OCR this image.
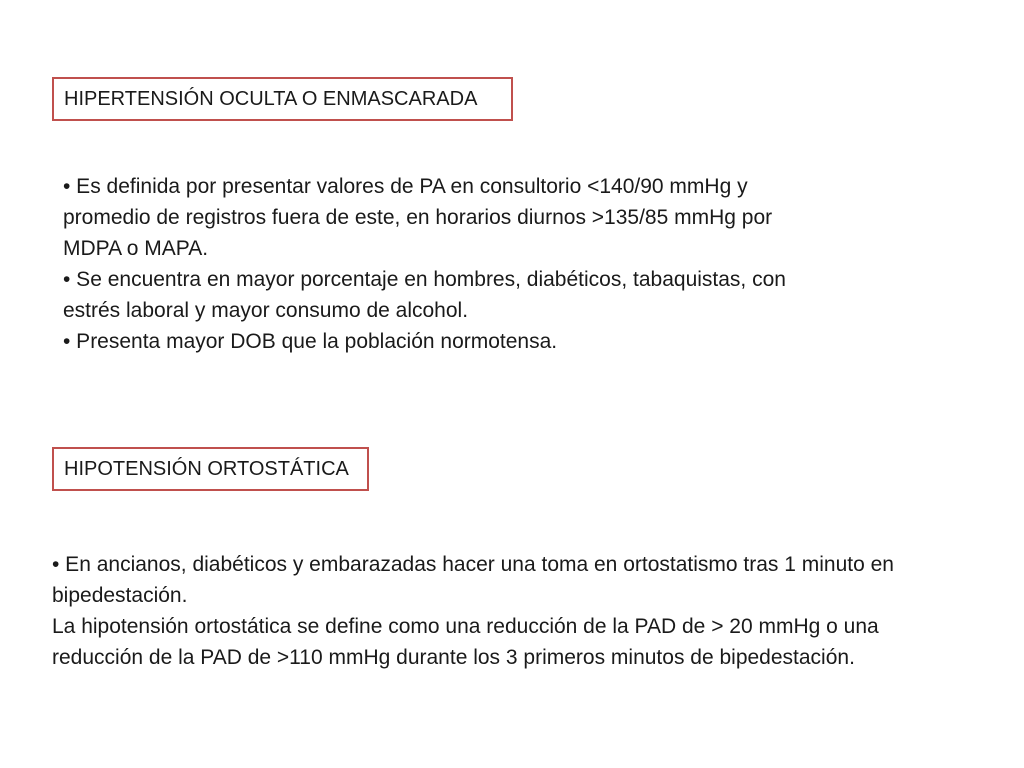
HIPERTENSIÓN OCULTA O ENMASCARADA
• Es definida por presentar valores de PA en consultorio <140/90 mmHg y
promedio de registros fuera de este, en horarios diurnos >135/85 mmHg por
MDPA o MAPA.
• Se encuentra en mayor porcentaje en hombres, diabéticos, tabaquistas, con
estrés laboral y mayor consumo de alcohol.
• Presenta mayor DOB que la población normotensa.
HIPOTENSIÓN ORTOSTÁTICA
• En ancianos, diabéticos y embarazadas hacer una toma en ortostatismo tras 1 minuto en
bipedestación.
La hipotensión ortostática se define como una reducción de la PAD de > 20 mmHg o una
reducción de la PAD de >110 mmHg durante los 3 primeros minutos de bipedestación.
